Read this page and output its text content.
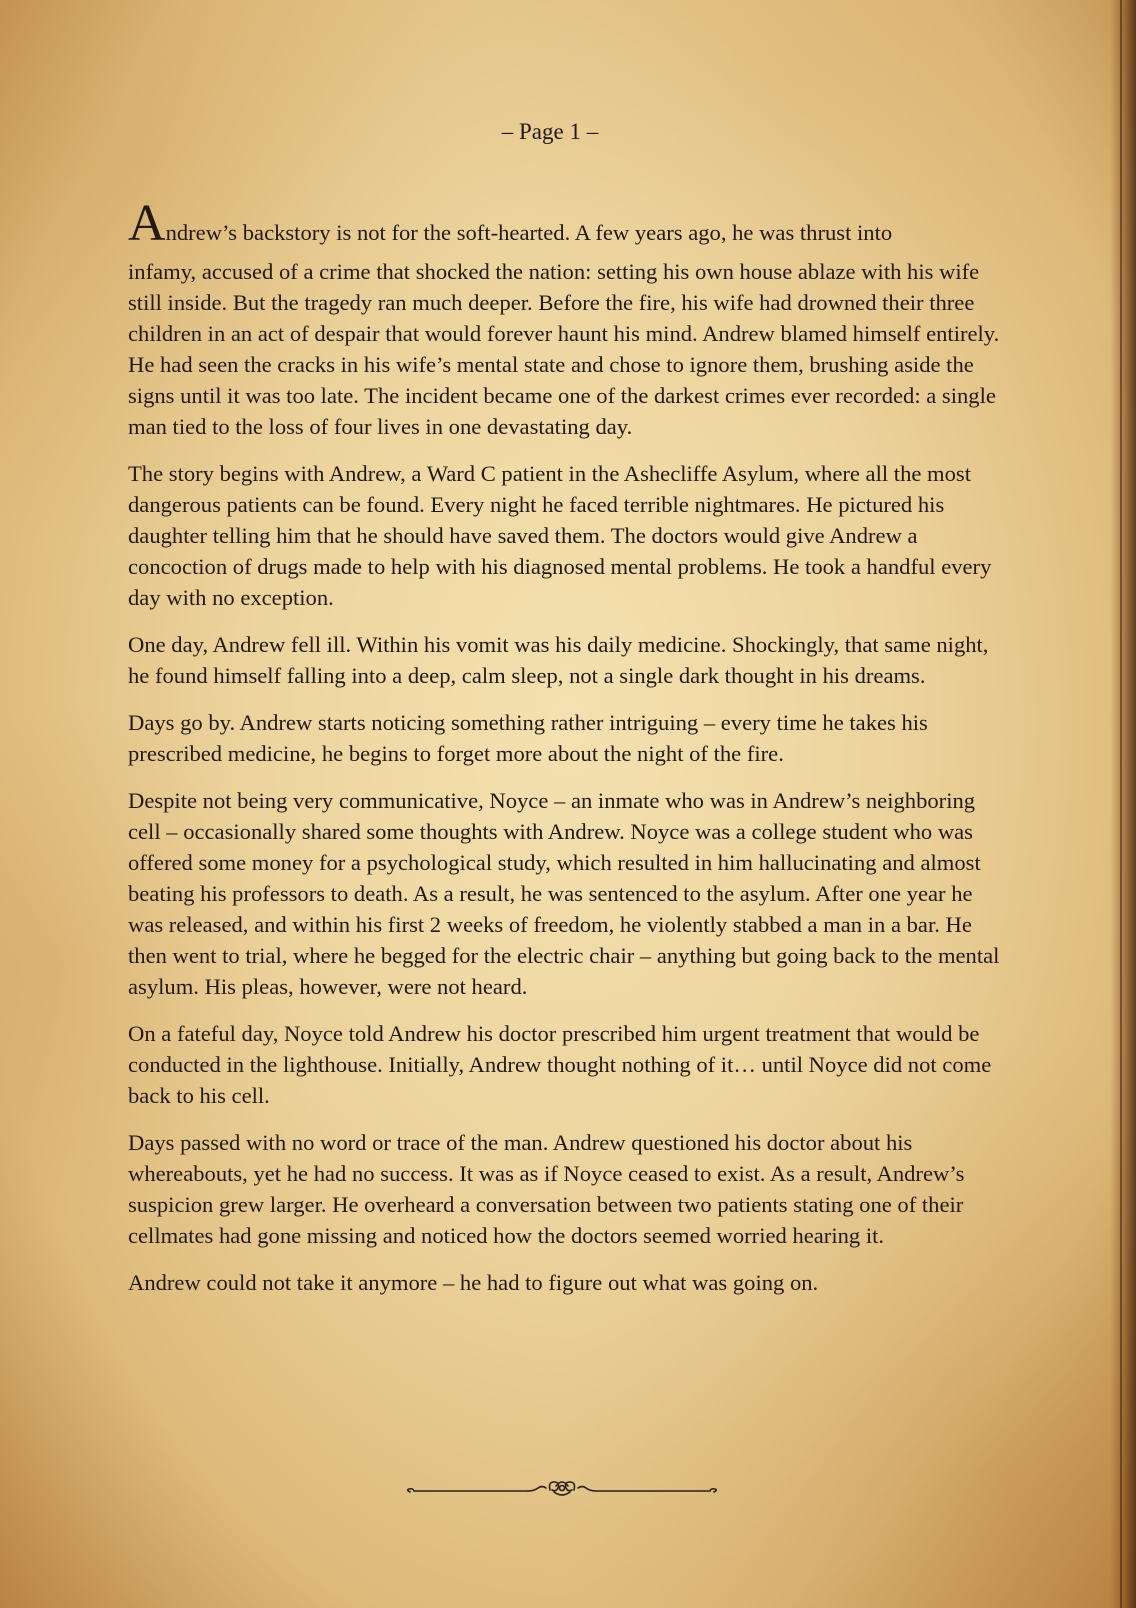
– Page 1 –

Andrew’s backstory is not for the soft-hearted. A few years ago, he was thrust into
infamy, accused of a crime that shocked the nation: setting his own house ablaze with his wife still inside. But the tragedy ran much deeper. Before the fire, his wife had drowned their three children in an act of despair that would forever haunt his mind. Andrew blamed himself entirely. He had seen the cracks in his wife’s mental state and chose to ignore them, brushing aside the signs until it was too late. The incident became one of the darkest crimes ever recorded: a single man tied to the loss of four lives in one devastating day.

The story begins with Andrew, a Ward C patient in the Ashecliffe Asylum, where all the most dangerous patients can be found. Every night he faced terrible nightmares. He pictured his daughter telling him that he should have saved them. The doctors would give Andrew a concoction of drugs made to help with his diagnosed mental problems. He took a handful every day with no exception.

One day, Andrew fell ill. Within his vomit was his daily medicine. Shockingly, that same night, he found himself falling into a deep, calm sleep, not a single dark thought in his dreams.

Days go by. Andrew starts noticing something rather intriguing – every time he takes his prescribed medicine, he begins to forget more about the night of the fire.

Despite not being very communicative, Noyce – an inmate who was in Andrew’s neighboring cell – occasionally shared some thoughts with Andrew. Noyce was a college student who was offered some money for a psychological study, which resulted in him hallucinating and almost beating his professors to death. As a result, he was sentenced to the asylum. After one year he was released, and within his first 2 weeks of freedom, he violently stabbed a man in a bar. He then went to trial, where he begged for the electric chair – anything but going back to the mental asylum. His pleas, however, were not heard.

On a fateful day, Noyce told Andrew his doctor prescribed him urgent treatment that would be conducted in the lighthouse. Initially, Andrew thought nothing of it… until Noyce did not come back to his cell.

Days passed with no word or trace of the man. Andrew questioned his doctor about his whereabouts, yet he had no success. It was as if Noyce ceased to exist. As a result, Andrew’s suspicion grew larger. He overheard a conversation between two patients stating one of their cellmates had gone missing and noticed how the doctors seemed worried hearing it.

Andrew could not take it anymore – he had to figure out what was going on.
